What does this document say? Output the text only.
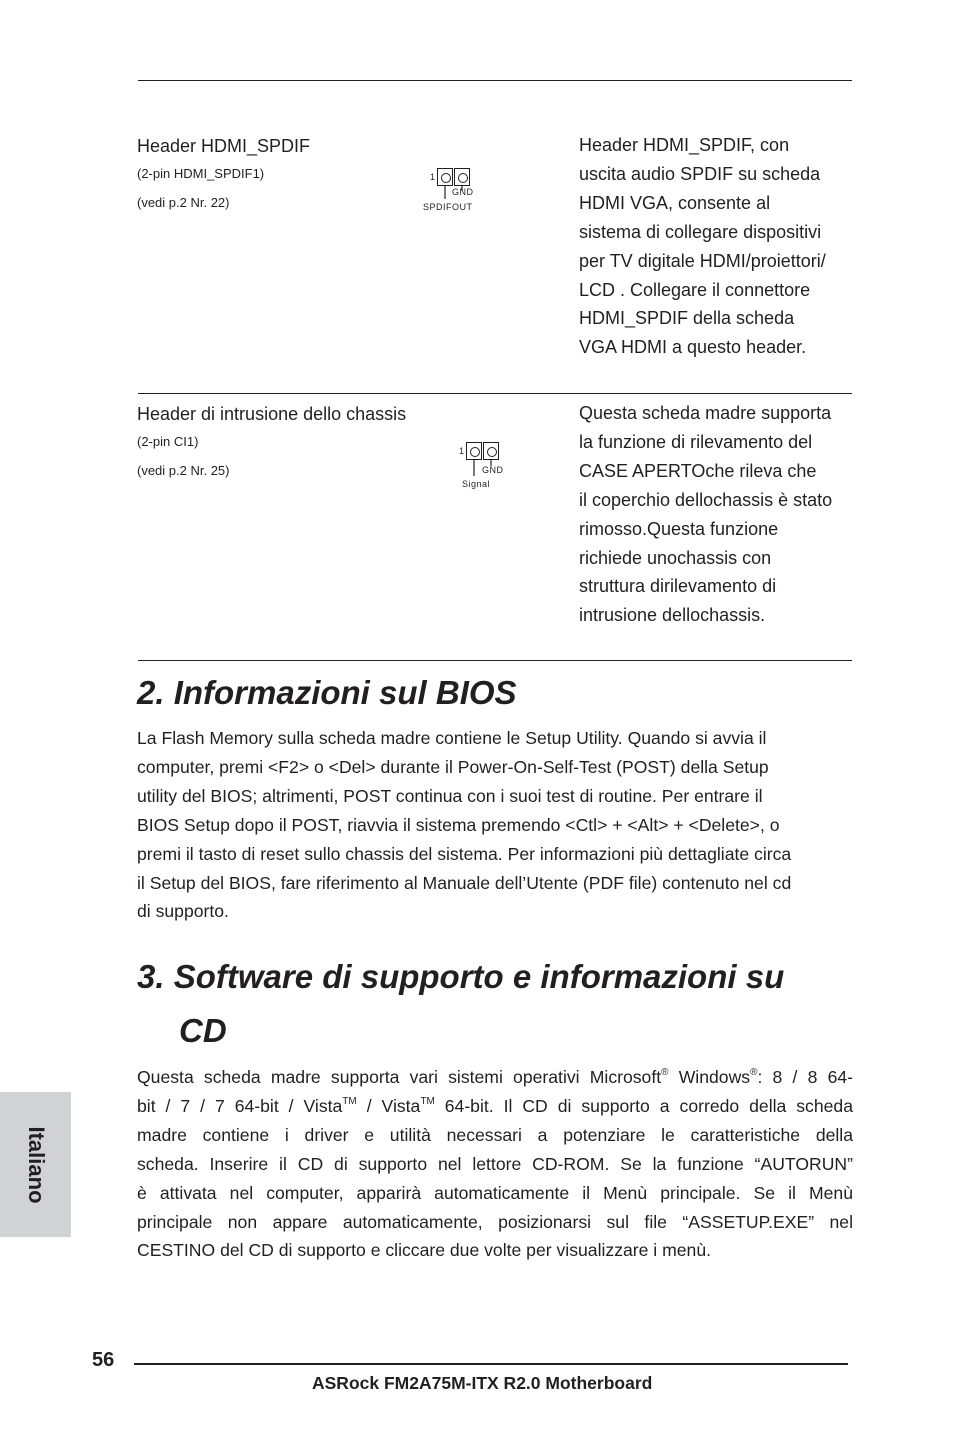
Header HDMI_SPDIF
(2-pin HDMI_SPDIF1)
(vedi p.2 Nr. 22)
1
GND
SPDIFOUT
Header HDMI_SPDIF, con
uscita audio SPDIF su scheda
HDMI VGA, consente al
sistema di collegare dispositivi
per TV digitale HDMI/proiettori/
LCD . Collegare il connettore
HDMI_SPDIF della scheda
VGA HDMI a questo header.
Header di intrusione dello chassis
(2-pin CI1)
(vedi p.2 Nr. 25)
1
GND
Signal
Questa scheda madre supporta
la funzione di rilevamento del
CASE APERTOche rileva che
il coperchio dellochassis è stato
rimosso.Questa funzione
richiede unochassis con
struttura dirilevamento di
intrusione dellochassis.
2. Informazioni sul BIOS
La Flash Memory sulla scheda madre contiene le Setup Utility. Quando si avvia il
computer, premi <F2> o <Del> durante il Power-On-Self-Test (POST) della Setup
utility del BIOS; altrimenti, POST continua con i suoi test di routine. Per entrare il
BIOS Setup dopo il POST, riavvia il sistema premendo <Ctl> + <Alt> + <Delete>, o
premi il tasto di reset sullo chassis del sistema. Per informazioni più dettagliate circa
il Setup del BIOS, fare riferimento al Manuale dell’Utente (PDF file) contenuto nel cd
di supporto.
3. Software di supporto e informazioni su
CD
Questa scheda madre supporta vari sistemi operativi Microsoft® Windows®: 8 / 8 64-
bit / 7 / 7 64-bit / Vista™ / Vista™ 64-bit. Il CD di supporto a corredo della scheda
madre contiene i driver e utilità necessari a potenziare le caratteristiche della
scheda. Inserire il CD di supporto nel lettore CD-ROM. Se la funzione “AUTORUN”
è attivata nel computer, apparirà automaticamente il Menù principale. Se il Menù
principale non appare automaticamente, posizionarsi sul file “ASSETUP.EXE” nel
CESTINO del CD di supporto e cliccare due volte per visualizzare i menù.
Italiano
56
ASRock FM2A75M-ITX R2.0 Motherboard
